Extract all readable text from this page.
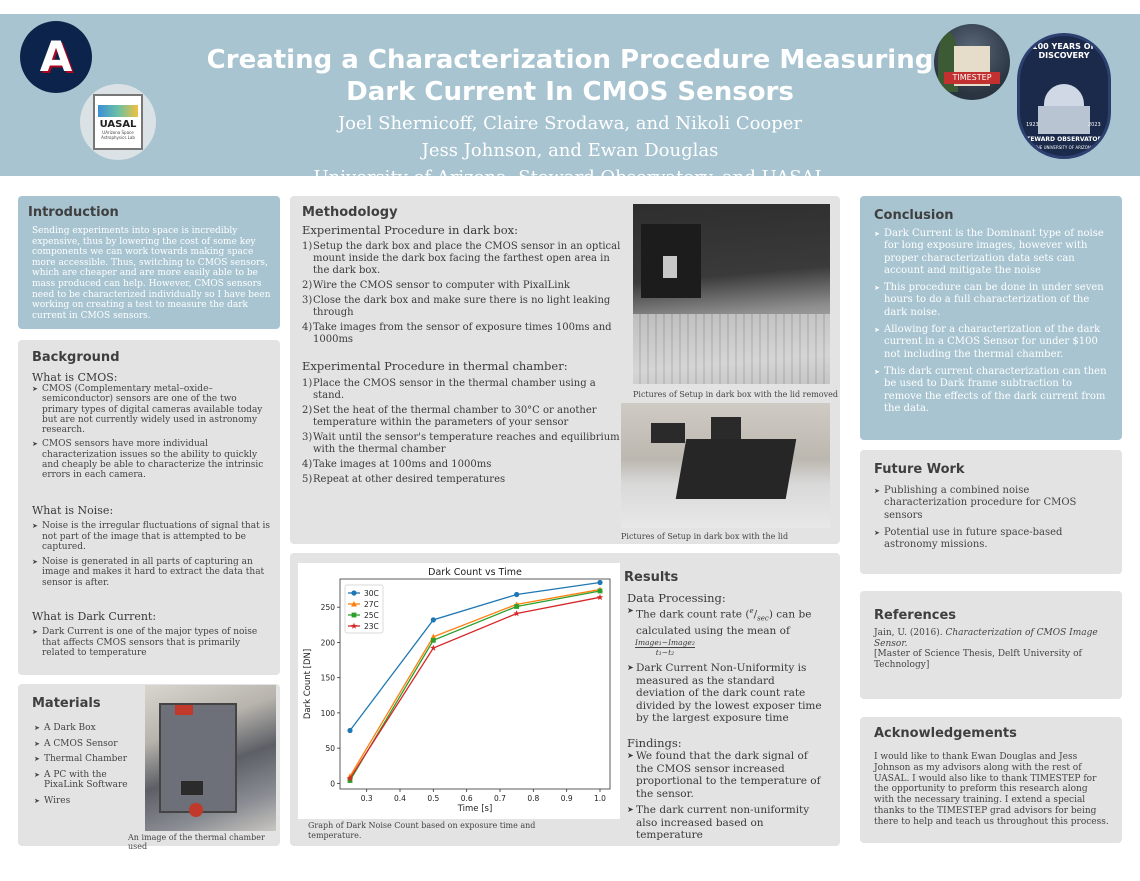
Creating a Characterization Procedure Measuring
Dark Current In CMOS Sensors
Joel Shernicoff, Claire Srodawa, and Nikoli Cooper
Jess Johnson, and Ewan Douglas
University of Arizona, Steward Observatory, and UASAL
A
UASAL
UArizona Space Astrophysics Lab
TIMESTEP
100 YEARS OF DISCOVERY
1923	2023
STEWARD OBSERVATORY
THE UNIVERSITY OF ARIZONA
Introduction
Sending experiments into space is incredibly expensive, thus by lowering the cost of some key components we can work towards making space more accessible. Thus, switching to CMOS sensors, which are cheaper and are more easily able to be mass produced can help. However, CMOS sensors need to be characterized individually so I have been working on creating a test to measure the dark current in CMOS sensors.
Background
What is CMOS:
➤ CMOS (Complementary metal–oxide–semiconductor) sensors are one of the two primary types of digital cameras available today but are not currently widely used in astronomy research.
➤ CMOS sensors have more individual characterization issues so the ability to quickly and cheaply be able to characterize the intrinsic errors in each camera.
What is Noise:
➤ Noise is the irregular fluctuations of signal that is not part of the image that is attempted to be captured.
➤ Noise is generated in all parts of capturing an image and makes it hard to extract the data that sensor is after.
What is Dark Current:
➤ Dark Current is one of the major types of noise that affects CMOS sensors that is primarily related to temperature
Materials
➤ A Dark Box
➤ A CMOS Sensor
➤ Thermal Chamber
➤ A PC with the PixaLink Software
➤ Wires
An image of the thermal chamber used
Methodology
Experimental Procedure in dark box:
1) Setup the dark box and place the CMOS sensor in an optical mount inside the dark box facing the farthest open area in the dark box.
2) Wire the CMOS sensor to computer with PixalLink
3) Close the dark box and make sure there is no light leaking through
4) Take images from the sensor of exposure times 100ms and 1000ms
Experimental Procedure in thermal chamber:
1) Place the CMOS sensor in the thermal chamber using a stand.
2) Set the heat of the thermal chamber to 30°C or another temperature within the parameters of your sensor
3) Wait until the sensor's temperature reaches and equilibrium with the thermal chamber
4) Take images at 100ms and 1000ms
5) Repeat at other desired temperatures
Pictures of Setup in dark box with the lid removed
Pictures of Setup in dark box with the lid
Results
Data Processing:
➤ The dark count rate $(^e/_{sec})$ can be calculated using the mean of
Image₁−Image₂
t₁−t₂
➤ Dark Current Non-Uniformity is measured as the standard deviation of the dark count rate divided by the lowest exposer time by the largest exposure time
Findings:
➤ We found that the dark signal of the CMOS sensor increased proportional to the temperature of the sensor.
➤ The dark current non-uniformity also increased based on temperature
Graph of Dark Noise Count based on exposure time and temperature.
Dark Count vs Time
Time [s]
Dark Count [DN]
0.3	0.4	0.5	0.6	0.7	0.8	0.9	1.0
0
50
100
150
200
250
30C
27C
25C
23C
Conclusion
➤ Dark Current is the Dominant type of noise for long exposure images, however with proper characterization data sets can account and mitigate the noise
➤ This procedure can be done in under seven hours to do a full characterization of the dark noise.
➤ Allowing for a characterization of the dark current in a CMOS Sensor for under $100 not including the thermal chamber.
➤ This dark current characterization can then be used to Dark frame subtraction to remove the effects of the dark current from the data.
Future Work
➤ Publishing a combined noise characterization procedure for CMOS sensors
➤ Potential use in future space-based astronomy missions.
References
Jain, U. (2016). Characterization of CMOS Image Sensor.
[Master of Science Thesis, Delft University of Technology]
Acknowledgements
I would like to thank Ewan Douglas and Jess Johnson as my advisors along with the rest of UASAL. I would also like to thank TIMESTEP for the opportunity to preform this research along with the necessary training. I extend a special thanks to the TIMESTEP grad advisors for being there to help and teach us throughout this process.
